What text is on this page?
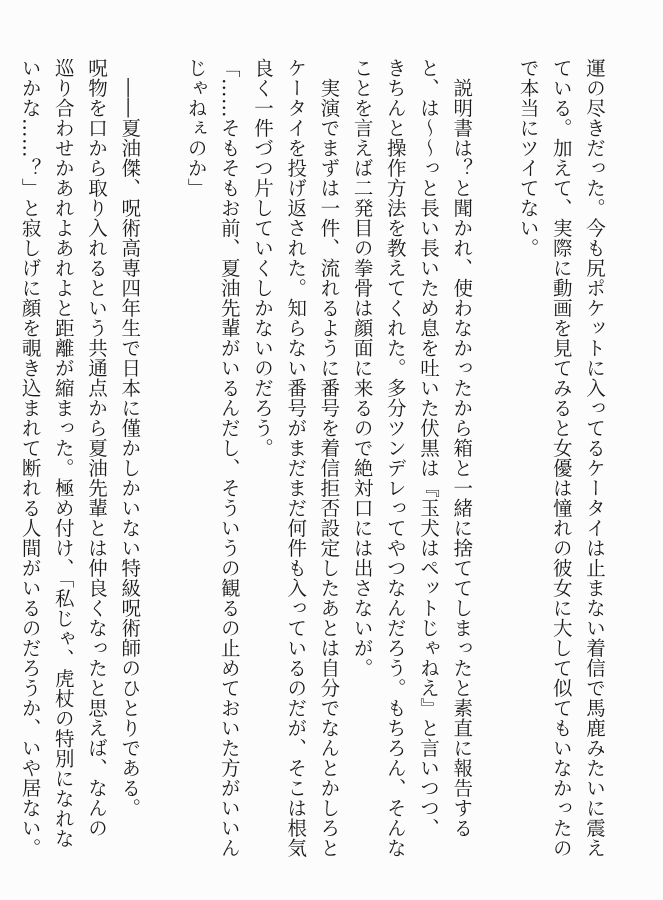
運の尽きだった。今も尻ポケットに入ってるケータイは止まない着信で馬鹿みたいに震え
ている。加えて、実際に動画を見てみると女優は憧れの彼女に大して似てもいなかったの
で本当にツイてない。
　説明書は？と聞かれ、使わなかったから箱と一緒に捨ててしまったと素直に報告する
と、は〜〜っと長い長いため息を吐いた伏黒は『玉犬はペットじゃねえ』と言いつつ、
きちんと操作方法を教えてくれた。多分ツンデレってやつなんだろう。もちろん、そんな
ことを言えば二発目の拳骨は顔面に来るので絶対口には出さないが。
　実演でまずは一件、流れるように番号を着信拒否設定したあとは自分でなんとかしろと
ケータイを投げ返された。知らない番号がまだまだ何件も入っているのだが、そこは根気
良く一件づつ片していくしかないのだろう。
「……そもそもお前、夏油先輩がいるんだし、そういうの観るの止めておいた方がいいん
じゃねぇのか」
　――夏油傑、呪術高専四年生で日本に僅かしかいない特級呪術師のひとりである。
呪物を口から取り入れるという共通点から夏油先輩とは仲良くなったと思えば、なんの
巡り合わせかあれよあれよと距離が縮まった。極め付け、「私じゃ、虎杖の特別になれな
いかな……？」と寂しげに顔を覗き込まれて断れる人間がいるのだろうか、いや居ない。
